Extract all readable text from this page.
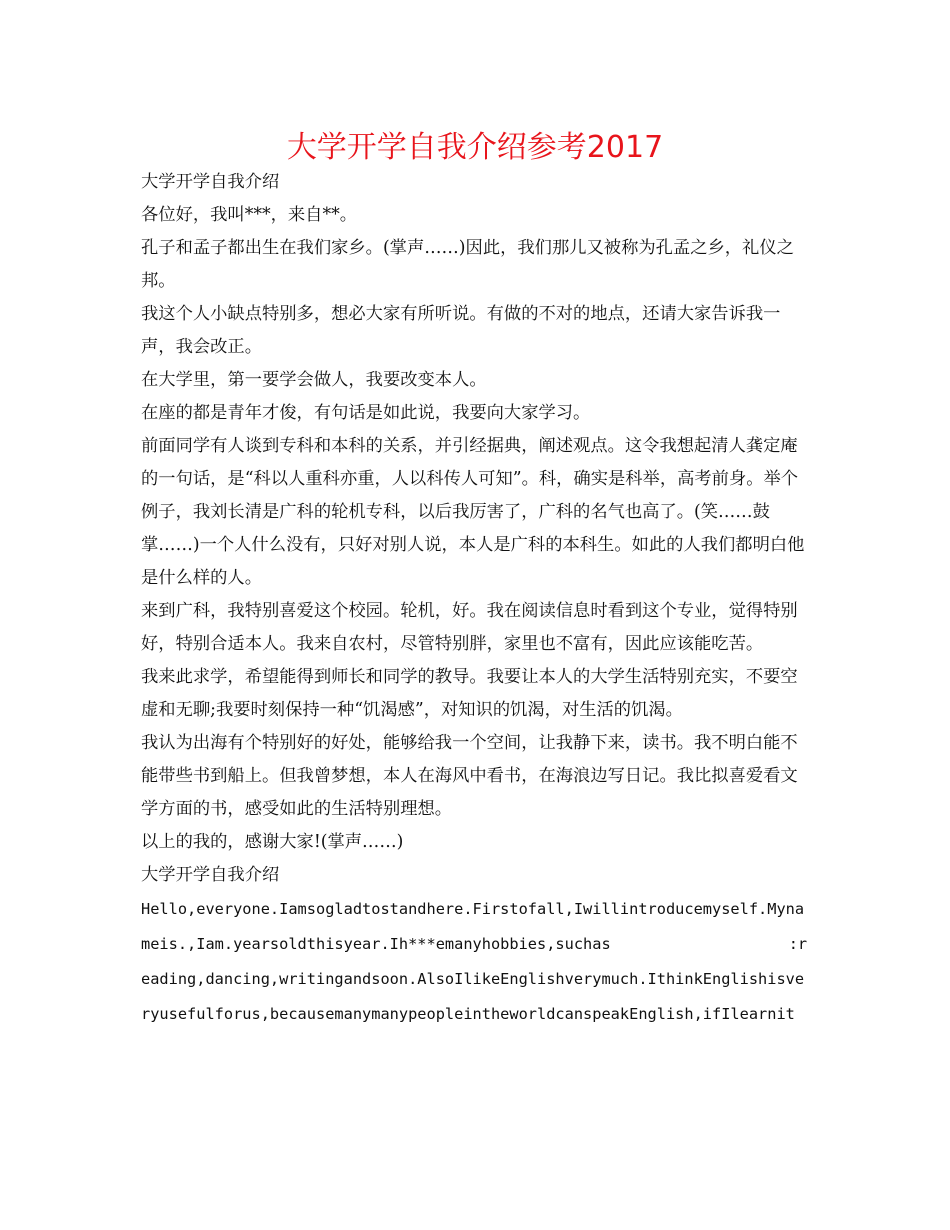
大学开学自我介绍参考2017

大学开学自我介绍

各位好，我叫***，来自**。

孔子和孟子都出生在我们家乡。(掌声……)因此，我们那儿又被称为孔孟之乡，礼仪之邦。

我这个人小缺点特别多，想必大家有所听说。有做的不对的地点，还请大家告诉我一声，我会改正。

在大学里，第一要学会做人，我要改变本人。

在座的都是青年才俊，有句话是如此说，我要向大家学习。

前面同学有人谈到专科和本科的关系，并引经据典，阐述观点。这令我想起清人龚定庵的一句话，是“科以人重科亦重，人以科传人可知”。科，确实是科举，高考前身。举个例子，我刘长清是广科的轮机专科，以后我厉害了，广科的名气也高了。(笑……鼓掌……)一个人什么没有，只好对别人说，本人是广科的本科生。如此的人我们都明白他是什么样的人。

来到广科，我特别喜爱这个校园。轮机，好。我在阅读信息时看到这个专业，觉得特别好，特别合适本人。我来自农村，尽管特别胖，家里也不富有，因此应该能吃苦。

我来此求学，希望能得到师长和同学的教导。我要让本人的大学生活特别充实，不要空虚和无聊;我要时刻保持一种“饥渴感”，对知识的饥渴，对生活的饥渴。

我认为出海有个特别好的好处，能够给我一个空间，让我静下来，读书。我不明白能不能带些书到船上。但我曾梦想，本人在海风中看书，在海浪边写日记。我比拟喜爱看文学方面的书，感受如此的生活特别理想。

以上的我的，感谢大家!(掌声……)

大学开学自我介绍

Hello,everyone.Iamsogladtostandhere.Firstofall,Iwillintroducemyself.Mynameis.,Iam.yearsoldthisyear.Ih***emanyhobbies,suchas	:reading,dancing,writingandsoon.AlsoIlikeEnglishverymuch.IthinkEnglishisveryusefulforus,becausemanymanypeopleintheworldcanspeakEnglish,ifIlearnit
